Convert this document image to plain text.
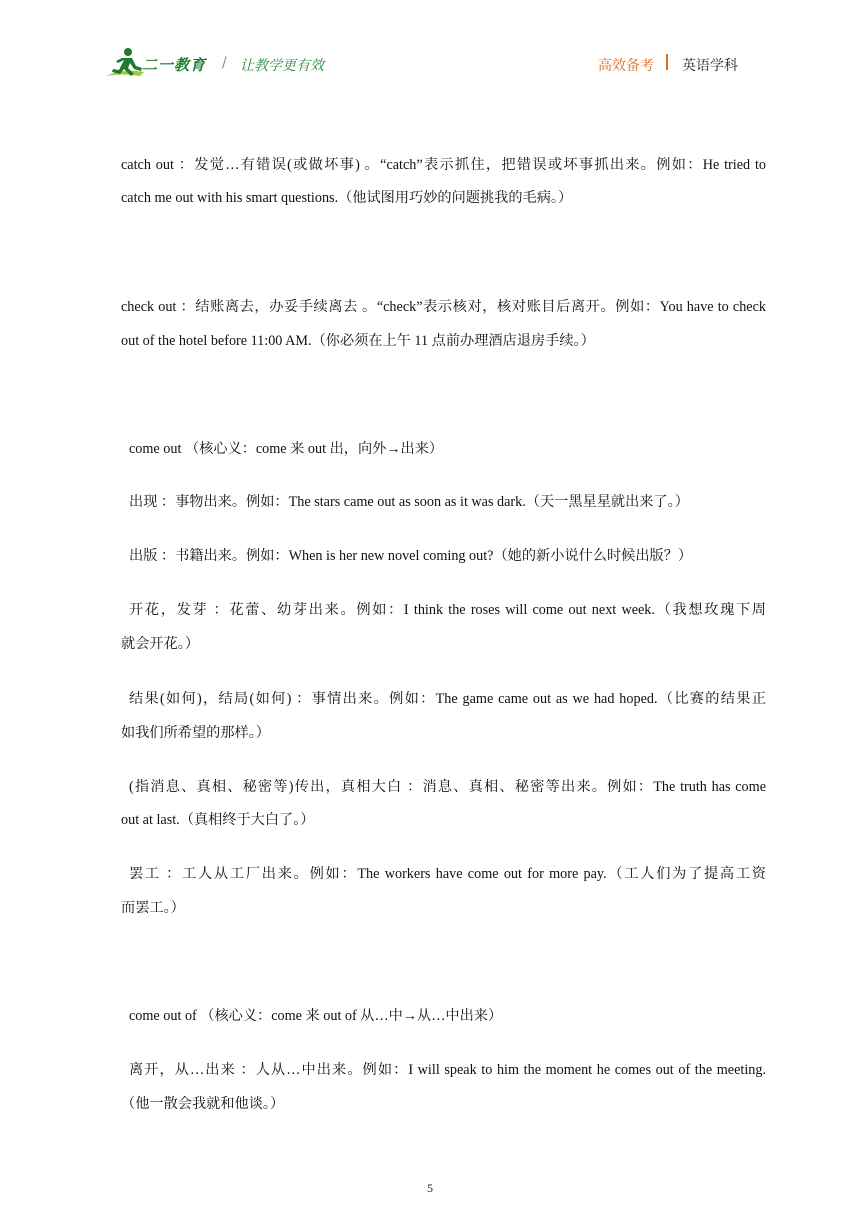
二一教育 / 让教学更有效	高效备考 英语学科
catch out ：发觉…有错误(或做坏事) 。“catch”表示抓住，把错误或坏事抓出来。例如：He tried to
catch me out with his smart questions.（他试图用巧妙的问题挑我的毛病。）
check out ：结账离去，办妥手续离去 。“check”表示核对，核对账目后离开。例如：You have to check
out of the hotel before 11:00 AM.（你必须在上午 11 点前办理酒店退房手续。）
come out （核心义：come 来 out 出，向外→出来）
出现 ：事物出来。例如：The stars came out as soon as it was dark.（天一黑星星就出来了。）
出版 ：书籍出来。例如：When is her new novel coming out?（她的新小说什么时候出版？）
开花，发芽 ：花蕾、幼芽出来。例如：I think the roses will come out next week.（我想玫瑰下周
就会开花。）
结果(如何)，结局(如何) ：事情出来。例如：The game came out as we had hoped.（比赛的结果正
如我们所希望的那样。）
(指消息、真相、秘密等)传出，真相大白 ：消息、真相、秘密等出来。例如：The truth has come
out at last.（真相终于大白了。）
罢工 ：工人从工厂出来。例如：The workers have come out for more pay.（工人们为了提高工资
而罢工。）
come out of （核心义：come 来 out of 从…中→从…中出来）
离开，从…出来 ：人从…中出来。例如：I will speak to him the moment he comes out of the meeting.
（他一散会我就和他谈。）
5
